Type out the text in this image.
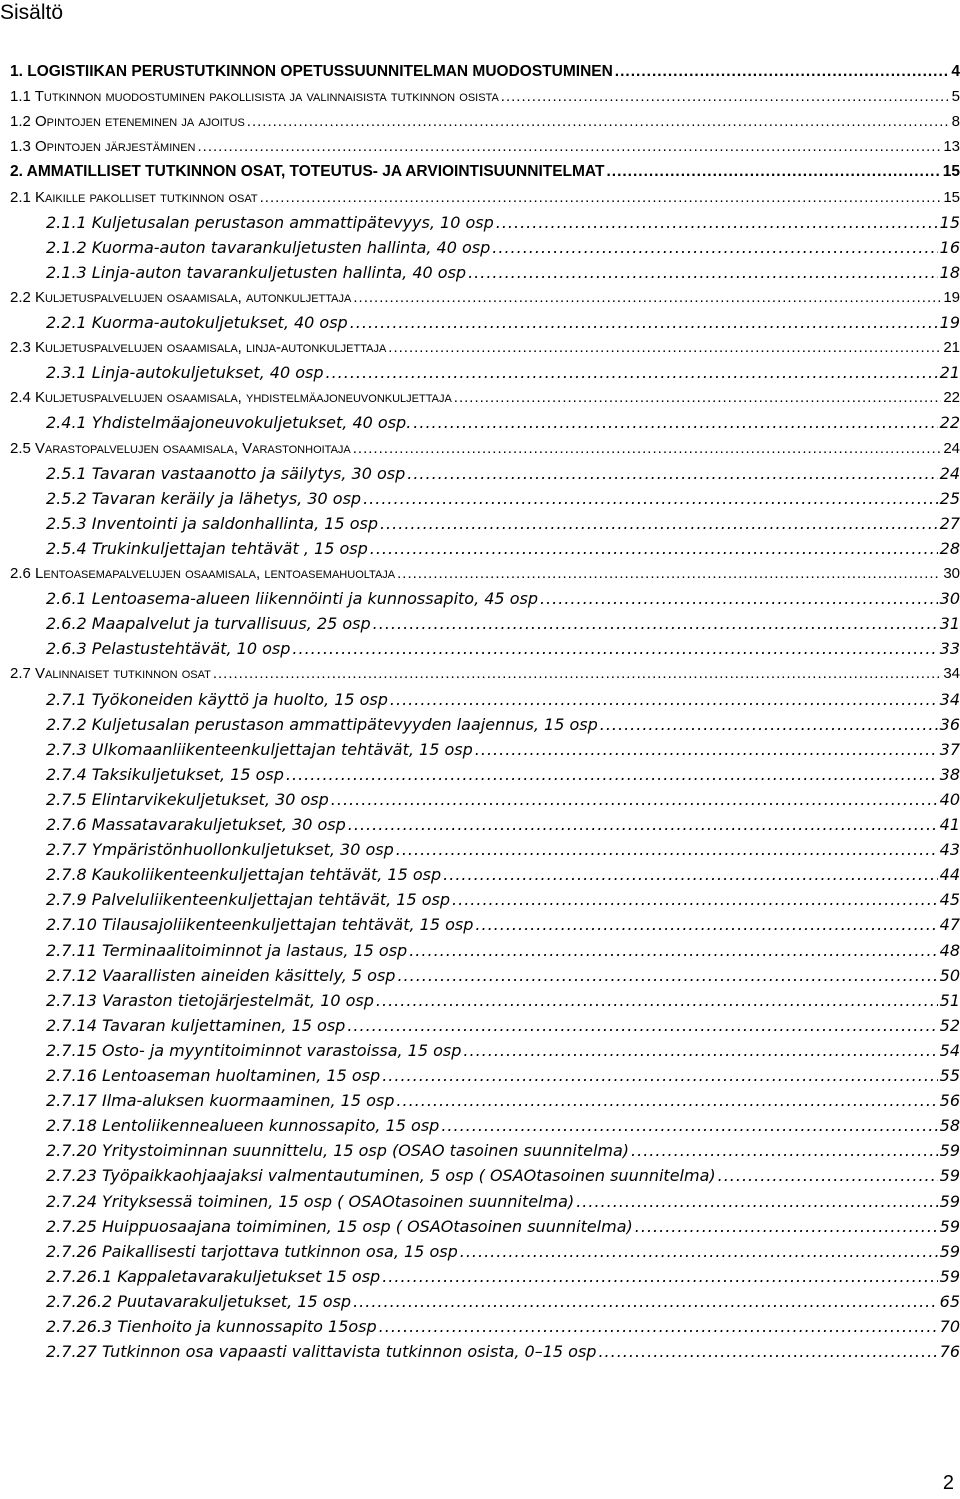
Sisältö
1. LOGISTIIKAN PERUSTUTKINNON OPETUSSUUNNITELMAN MUODOSTUMINEN .....	4
1.1 Tutkinnon muodostuminen pakollisista ja valinnaisista tutkinnon osista .....	5
1.2 Opintojen eteneminen ja ajoitus .....	8
1.3 Opintojen järjestäminen .....	13
2. AMMATILLISET TUTKINNON OSAT, TOTEUTUS- JA ARVIOINTISUUNNITELMAT .....	15
2.1 Kaikille pakolliset tutkinnon osat .....	15
2.1.1 Kuljetusalan perustason ammattipätevyys, 10 osp .....	15
2.1.2 Kuorma-auton tavarankuljetusten hallinta, 40 osp .....	16
2.1.3 Linja-auton tavarankuljetusten hallinta, 40 osp .....	18
2.2 Kuljetuspalvelujen osaamisala, autonkuljettaja .....	19
2.2.1 Kuorma-autokuljetukset, 40 osp .....	19
2.3 Kuljetuspalvelujen osaamisala, linja-autonkuljettaja .....	21
2.3.1 Linja-autokuljetukset, 40 osp .....	21
2.4 Kuljetuspalvelujen osaamisala, yhdistelmäajoneuvonkuljettaja .....	22
2.4.1 Yhdistelmäajoneuvokuljetukset, 40 osp. .....	22
2.5 Varastopalvelujen osaamisala, Varastonhoitaja .....	24
2.5.1 Tavaran vastaanotto ja säilytys, 30 osp .....	24
2.5.2 Tavaran keräily ja lähetys, 30 osp .....	25
2.5.3 Inventointi ja saldonhallinta, 15 osp .....	27
2.5.4 Trukinkuljettajan tehtävät , 15 osp .....	28
2.6 Lentoasemapalvelujen osaamisala, lentoasemahuoltaja .....	30
2.6.1 Lentoasema-alueen liikennöinti ja kunnossapito, 45 osp .....	30
2.6.2 Maapalvelut ja turvallisuus, 25 osp .....	31
2.6.3 Pelastustehtävät, 10 osp .....	33
2.7 Valinnaiset tutkinnon osat .....	34
2.7.1 Työkoneiden käyttö ja huolto, 15 osp .....	34
2.7.2 Kuljetusalan perustason ammattipätevyyden laajennus, 15 osp .....	36
2.7.3 Ulkomaanliikenteenkuljettajan tehtävät, 15 osp .....	37
2.7.4 Taksikuljetukset, 15 osp .....	38
2.7.5 Elintarvikekuljetukset, 30 osp .....	40
2.7.6 Massatavarakuljetukset, 30 osp .....	41
2.7.7 Ympäristönhuollonkuljetukset, 30 osp .....	43
2.7.8 Kaukoliikenteenkuljettajan tehtävät, 15 osp .....	44
2.7.9 Palveluliikenteenkuljettajan tehtävät, 15 osp .....	45
2.7.10 Tilausajoliikenteenkuljettajan tehtävät, 15 osp .....	47
2.7.11 Terminaalitoiminnot ja lastaus, 15 osp .....	48
2.7.12 Vaarallisten aineiden käsittely, 5 osp .....	50
2.7.13 Varaston tietojärjestelmät, 10 osp .....	51
2.7.14 Tavaran kuljettaminen, 15 osp .....	52
2.7.15 Osto- ja myyntitoiminnot varastoissa, 15 osp .....	54
2.7.16 Lentoaseman huoltaminen, 15 osp .....	55
2.7.17 Ilma-aluksen kuormaaminen, 15 osp .....	56
2.7.18 Lentoliikennealueen kunnossapito, 15 osp .....	58
2.7.20 Yritystoiminnan suunnittelu, 15 osp (OSAO tasoinen suunnitelma) .....	59
2.7.23 Työpaikkaohjaajaksi valmentautuminen, 5 osp ( OSAOtasoinen suunnitelma) .....	59
2.7.24 Yrityksessä toiminen, 15 osp ( OSAOtasoinen suunnitelma) .....	59
2.7.25 Huippuosaajana toimiminen, 15 osp ( OSAOtasoinen suunnitelma) .....	59
2.7.26 Paikallisesti tarjottava tutkinnon osa, 15 osp .....	59
2.7.26.1 Kappaletavarakuljetukset 15 osp .....	59
2.7.26.2 Puutavarakuljetukset, 15 osp .....	65
2.7.26.3 Tienhoito ja kunnossapito 15osp .....	70
2.7.27 Tutkinnon osa vapaasti valittavista tutkinnon osista, 0–15 osp .....	76
2
